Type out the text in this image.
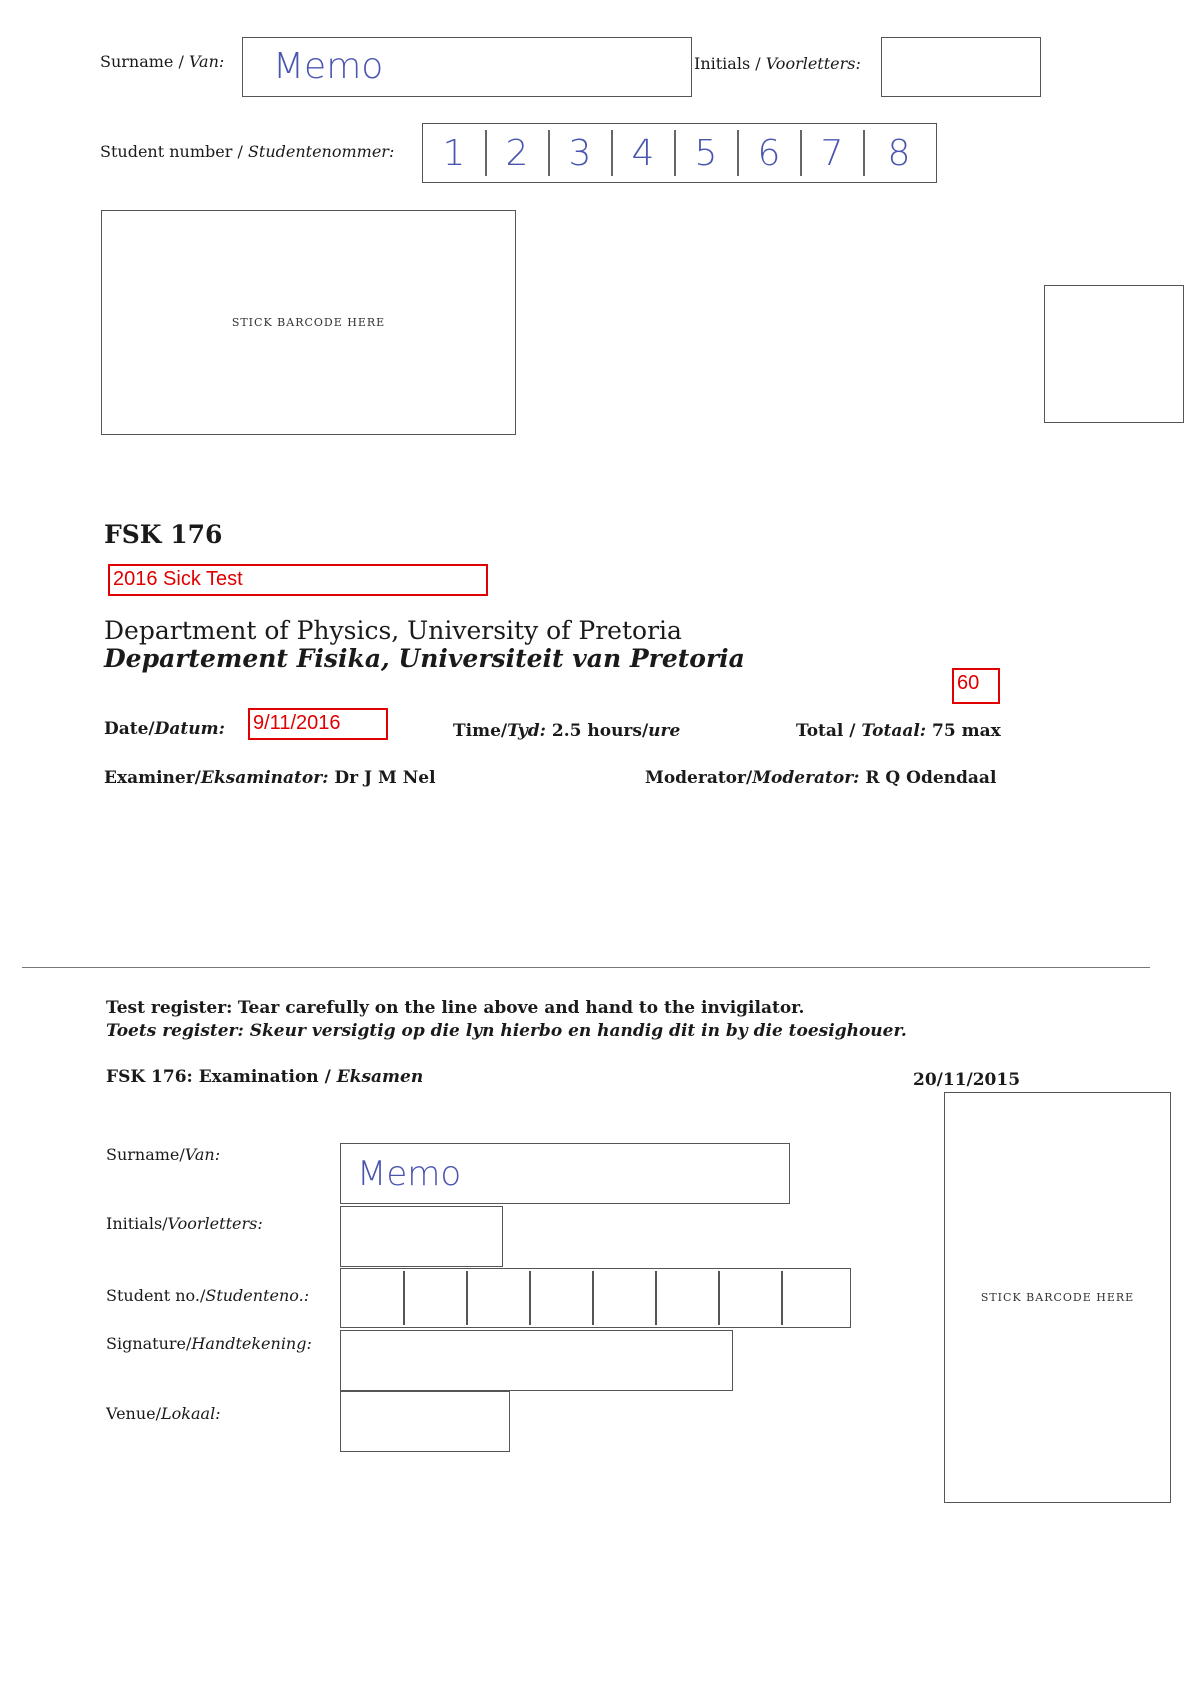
Surname / Van: Memo	Initials / Voorletters:
Student number / Studentenommer:	1	2	3	4	5	6	7	8
STICK BARCODE HERE
FSK 176
2016 Sick Test
Department of Physics, University of Pretoria
Departement Fisika, Universiteit van Pretoria
60
Date/Datum: 9/11/2016	Time/Tyd: 2.5 hours/ure	Total / Totaal: 75 max
Examiner/Eksaminator: Dr J M Nel	Moderator/Moderator: R Q Odendaal
Test register: Tear carefully on the line above and hand to the invigilator.
Toets register: Skeur versigtig op die lyn hierbo en handig dit in by die toesighouer.
FSK 176: Examination / Eksamen	20/11/2015
Surname/Van:	Memo
Initials/Voorletters:
Student no./Studenteno.:
Signature/Handtekening:
Venue/Lokaal:
STICK BARCODE HERE
